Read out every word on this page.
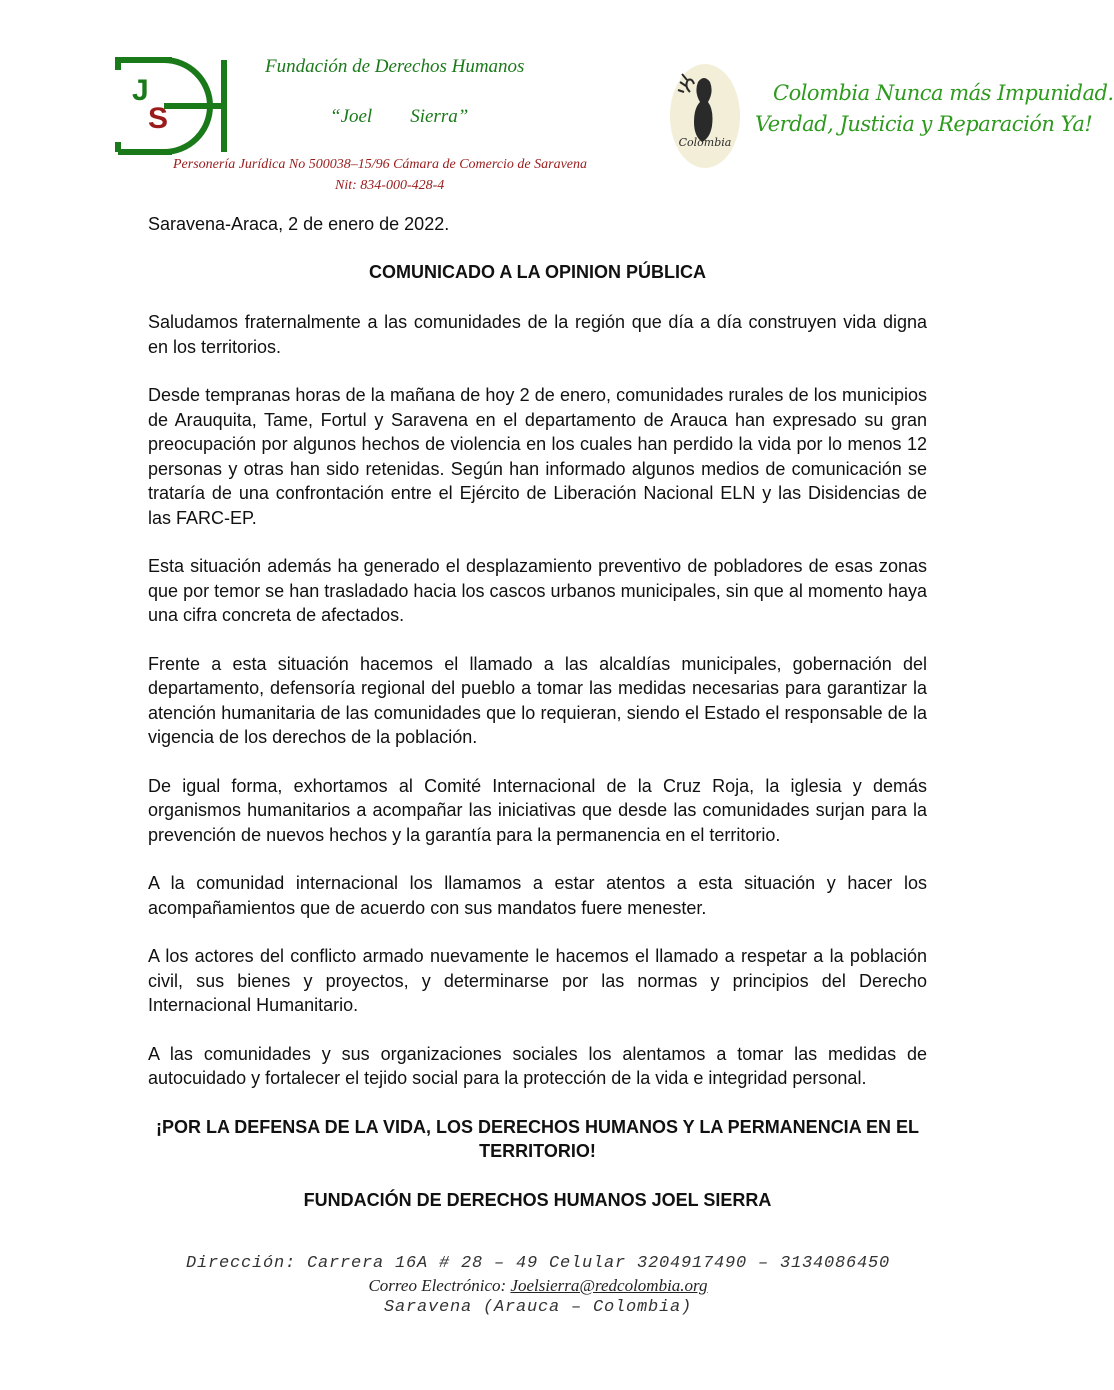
J
S
Fundación de Derechos Humanos
“Joel Sierra”
Personería Jurídica No 500038–15/96 Cámara de Comercio de Saravena
Nit: 834-000-428-4
Colombia
Colombia Nunca más Impunidad.
Verdad, Justicia y Reparación Ya!

Saravena-Araca, 2 de enero de 2022.

COMUNICADO A LA OPINION PÚBLICA

Saludamos fraternalmente a las comunidades de la región que día a día construyen vida digna en los territorios.

Desde tempranas horas de la mañana de hoy 2 de enero, comunidades rurales de los municipios de Arauquita, Tame, Fortul y Saravena en el departamento de Arauca han expresado su gran preocupación por algunos hechos de violencia en los cuales han perdido la vida por lo menos 12 personas y otras han sido retenidas. Según han informado algunos medios de comunicación se trataría de una confrontación entre el Ejército de Liberación Nacional ELN y las Disidencias de las FARC-EP.

Esta situación además ha generado el desplazamiento preventivo de pobladores de esas zonas que por temor se han trasladado hacia los cascos urbanos municipales, sin que al momento haya una cifra concreta de afectados.

Frente a esta situación hacemos el llamado a las alcaldías municipales, gobernación del departamento, defensoría regional del pueblo a tomar las medidas necesarias para garantizar la atención humanitaria de las comunidades que lo requieran, siendo el Estado el responsable de la vigencia de los derechos de la población.

De igual forma, exhortamos al Comité Internacional de la Cruz Roja, la iglesia y demás organismos humanitarios a acompañar las iniciativas que desde las comunidades surjan para la prevención de nuevos hechos y la garantía para la permanencia en el territorio.

A la comunidad internacional los llamamos a estar atentos a esta situación y hacer los acompañamientos que de acuerdo con sus mandatos fuere menester.

A los actores del conflicto armado nuevamente le hacemos el llamado a respetar a la población civil, sus bienes y proyectos, y determinarse por las normas y principios del Derecho Internacional Humanitario.

A las comunidades y sus organizaciones sociales los alentamos a tomar las medidas de autocuidado y fortalecer el tejido social para la protección de la vida e integridad personal.

¡POR LA DEFENSA DE LA VIDA, LOS DERECHOS HUMANOS Y LA PERMANENCIA EN EL TERRITORIO!

FUNDACIÓN DE DERECHOS HUMANOS JOEL SIERRA

Dirección: Carrera 16A # 28 – 49 Celular 3204917490 – 3134086450
Correo Electrónico: Joelsierra@redcolombia.org
Saravena (Arauca – Colombia)
